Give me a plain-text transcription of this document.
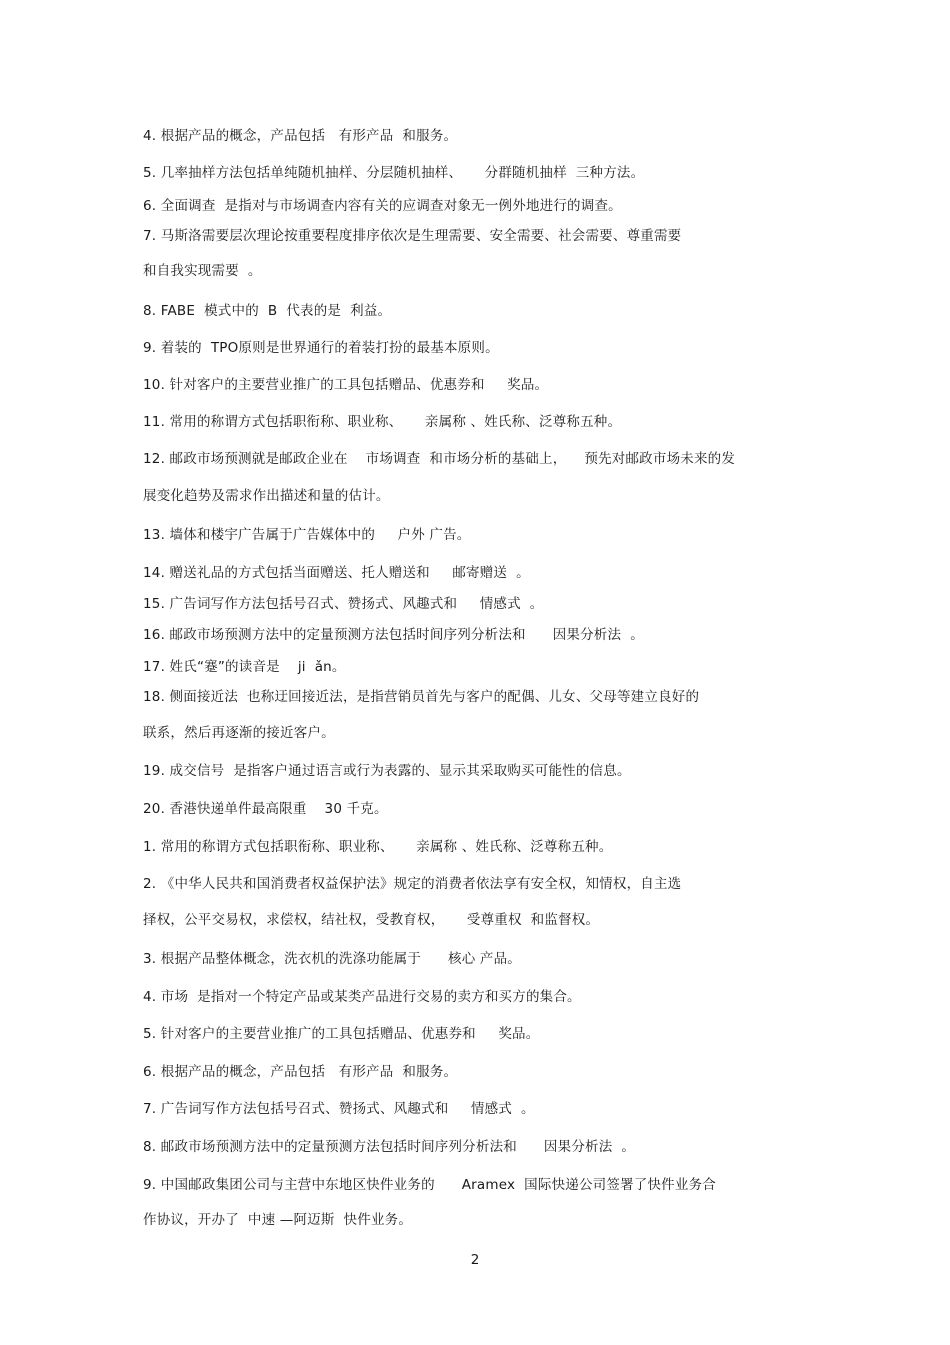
4. 根据产品的概念，产品包括   有形产品  和服务。
5. 几率抽样方法包括单纯随机抽样、分层随机抽样、     分群随机抽样  三种方法。
6. 全面调查  是指对与市场调查内容有关的应调查对象无一例外地进行的调查。
7. 马斯洛需要层次理论按重要程度排序依次是生理需要、安全需要、社会需要、尊重需要
和自我实现需要  。
8. FABE  模式中的  B  代表的是  利益。
9. 着装的  TPO原则是世界通行的着装打扮的最基本原则。
10. 针对客户的主要营业推广的工具包括赠品、优惠券和     奖品。
11. 常用的称谓方式包括职衔称、职业称、     亲属称 、姓氏称、泛尊称五种。
12. 邮政市场预测就是邮政企业在    市场调查  和市场分析的基础上，    预先对邮政市场未来的发
展变化趋势及需求作出描述和量的估计。
13. 墙体和楼宇广告属于广告媒体中的     户外 广告。
14. 赠送礼品的方式包括当面赠送、托人赠送和     邮寄赠送  。
15. 广告词写作方法包括号召式、赞扬式、风趣式和     情感式  。
16. 邮政市场预测方法中的定量预测方法包括时间序列分析法和      因果分析法  。
17. 姓氏“蹇”的读音是    ji  ǎn。
18. 侧面接近法  也称迂回接近法，是指营销员首先与客户的配偶、儿女、父母等建立良好的
联系，然后再逐渐的接近客户。
19. 成交信号  是指客户通过语言或行为表露的、显示其采取购买可能性的信息。
20. 香港快递单件最高限重    30 千克。
1. 常用的称谓方式包括职衔称、职业称、     亲属称 、姓氏称、泛尊称五种。
2. 《中华人民共和国消费者权益保护法》规定的消费者依法享有安全权，知情权，自主选
择权，公平交易权，求偿权，结社权，受教育权，     受尊重权  和监督权。
3. 根据产品整体概念，洗衣机的洗涤功能属于      核心 产品。
4. 市场  是指对一个特定产品或某类产品进行交易的卖方和买方的集合。
5. 针对客户的主要营业推广的工具包括赠品、优惠券和     奖品。
6. 根据产品的概念，产品包括   有形产品  和服务。
7. 广告词写作方法包括号召式、赞扬式、风趣式和     情感式  。
8. 邮政市场预测方法中的定量预测方法包括时间序列分析法和      因果分析法  。
9. 中国邮政集团公司与主营中东地区快件业务的      Aramex  国际快递公司签署了快件业务合
作协议，开办了  中速 —阿迈斯  快件业务。
2
